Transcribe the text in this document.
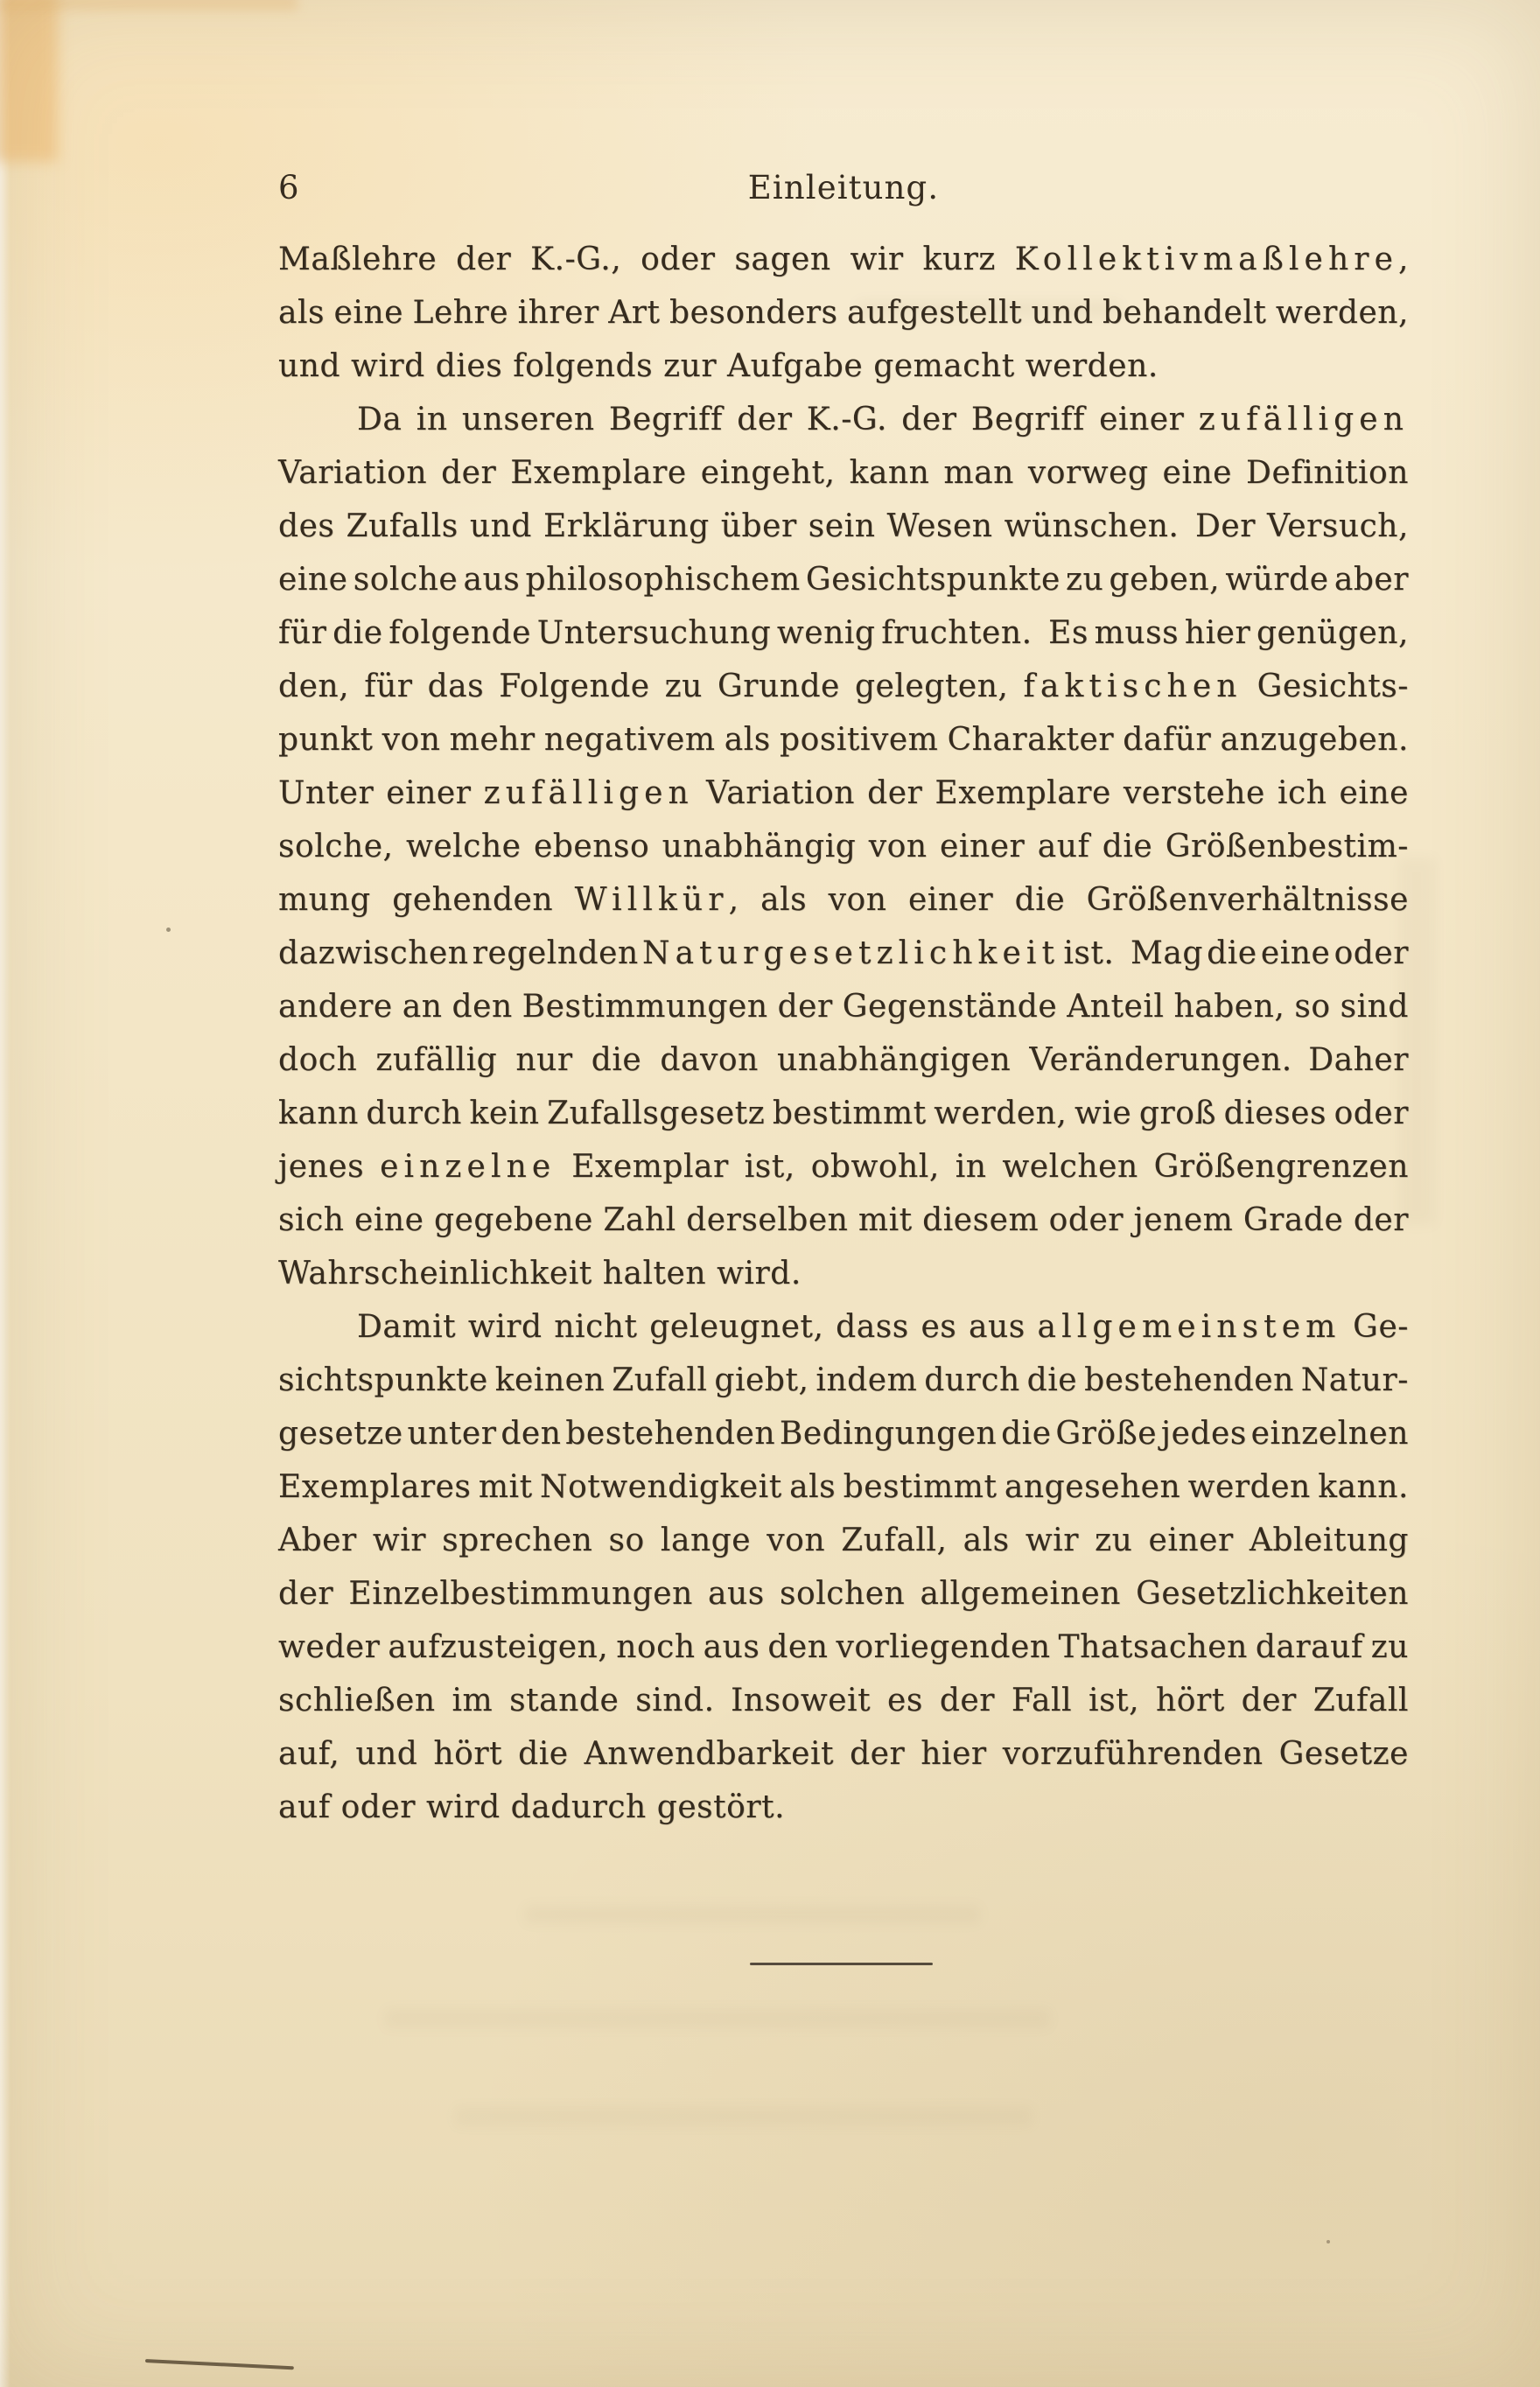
6	Einleitung.
Maßlehre der K.-G., oder sagen wir kurz Kollektivmaßlehre,
als eine Lehre ihrer Art besonders aufgestellt und behandelt werden,
und wird dies folgends zur Aufgabe gemacht werden.
Da in unseren Begriff der K.-G. der Begriff einer zufälligen
Variation der Exemplare eingeht, kann man vorweg eine Definition
des Zufalls und Erklärung über sein Wesen wünschen. Der Versuch,
eine solche aus philosophischem Gesichtspunkte zu geben, würde aber
für die folgende Untersuchung wenig fruchten. Es muss hier genügen,
den, für das Folgende zu Grunde gelegten, faktischen Gesichts-
punkt von mehr negativem als positivem Charakter dafür anzugeben.
Unter einer zufälligen Variation der Exemplare verstehe ich eine
solche, welche ebenso unabhängig von einer auf die Größenbestim-
mung gehenden Willkür, als von einer die Größenverhältnisse
dazwischen regelnden Naturgesetzlichkeit ist. Mag die eine oder
andere an den Bestimmungen der Gegenstände Anteil haben, so sind
doch zufällig nur die davon unabhängigen Veränderungen. Daher
kann durch kein Zufallsgesetz bestimmt werden, wie groß dieses oder
jenes einzelne Exemplar ist, obwohl, in welchen Größengrenzen
sich eine gegebene Zahl derselben mit diesem oder jenem Grade der
Wahrscheinlichkeit halten wird.
Damit wird nicht geleugnet, dass es aus allgemeinstem Ge-
sichtspunkte keinen Zufall giebt, indem durch die bestehenden Natur-
gesetze unter den bestehenden Bedingungen die Größe jedes einzelnen
Exemplares mit Notwendigkeit als bestimmt angesehen werden kann.
Aber wir sprechen so lange von Zufall, als wir zu einer Ableitung
der Einzelbestimmungen aus solchen allgemeinen Gesetzlichkeiten
weder aufzusteigen, noch aus den vorliegenden Thatsachen darauf zu
schließen im stande sind. Insoweit es der Fall ist, hört der Zufall
auf, und hört die Anwendbarkeit der hier vorzuführenden Gesetze
auf oder wird dadurch gestört.
